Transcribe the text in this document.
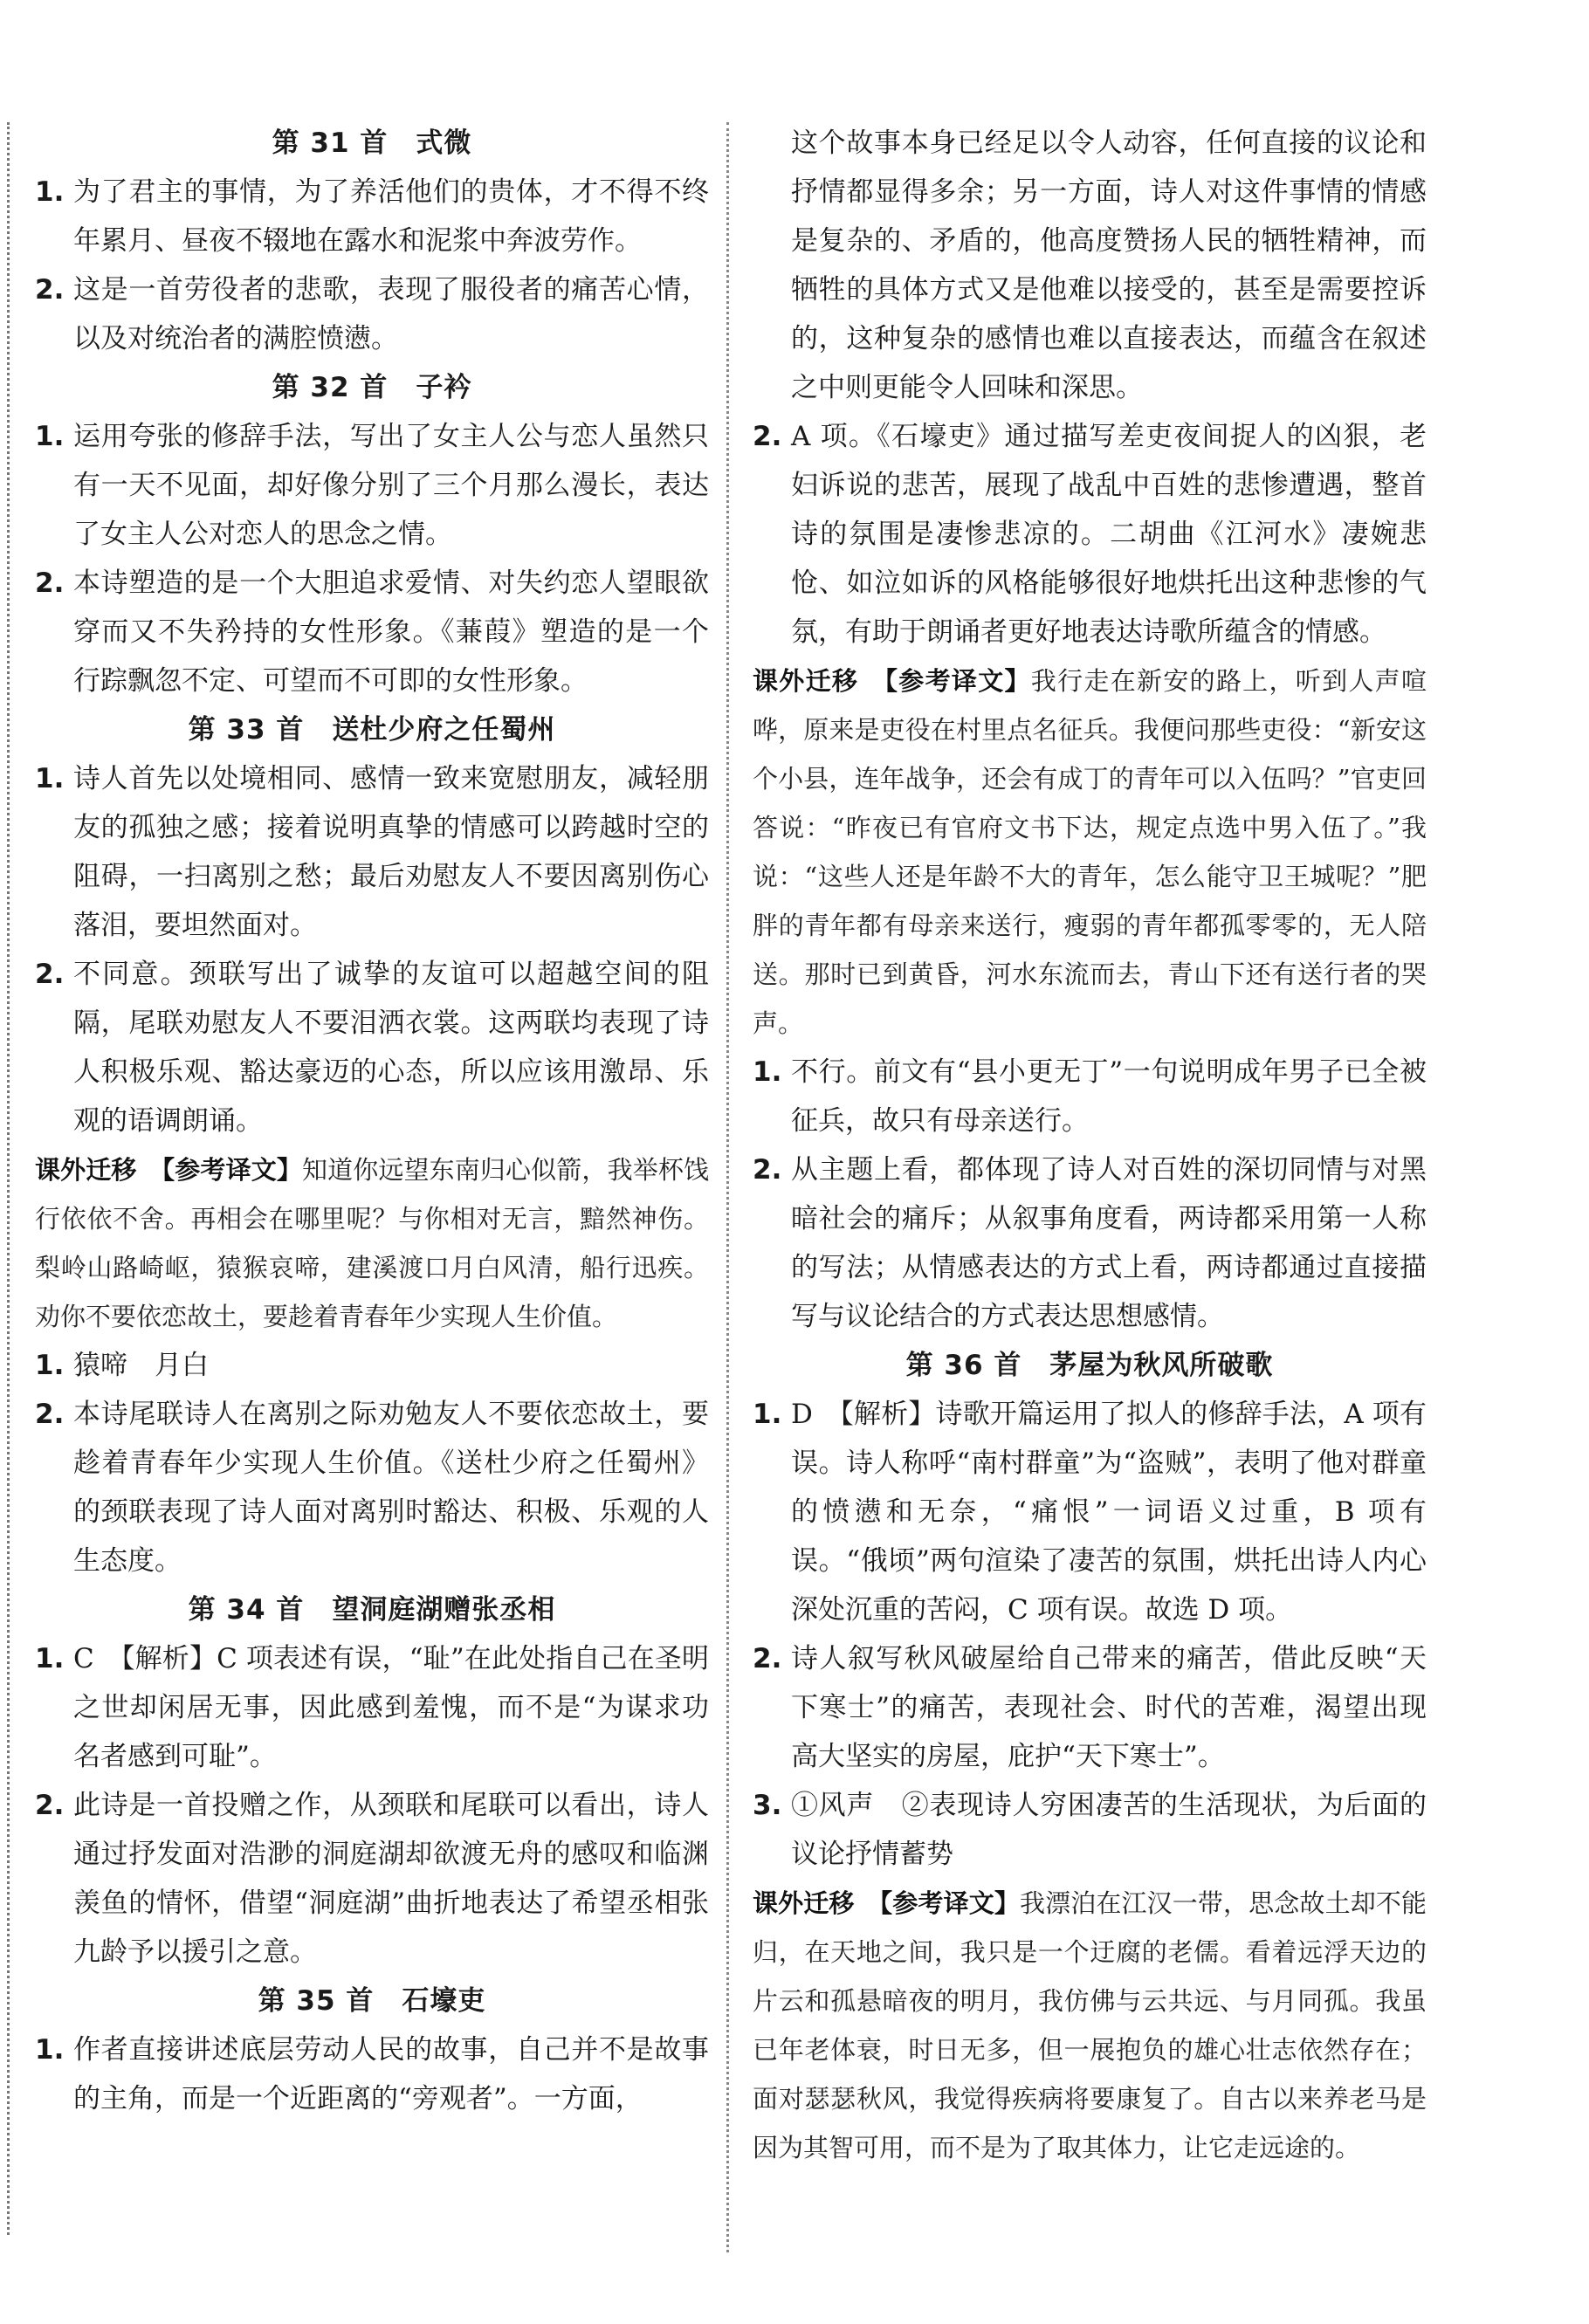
第 31 首　式微
1. 为了君主的事情，为了养活他们的贵体，才不得不终年累月、昼夜不辍地在露水和泥浆中奔波劳作。
2. 这是一首劳役者的悲歌，表现了服役者的痛苦心情，以及对统治者的满腔愤懑。
第 32 首　子衿
1. 运用夸张的修辞手法，写出了女主人公与恋人虽然只有一天不见面，却好像分别了三个月那么漫长，表达了女主人公对恋人的思念之情。
2. 本诗塑造的是一个大胆追求爱情、对失约恋人望眼欲穿而又不失矜持的女性形象。《蒹葭》塑造的是一个行踪飘忽不定、可望而不可即的女性形象。
第 33 首　送杜少府之任蜀州
1. 诗人首先以处境相同、感情一致来宽慰朋友，减轻朋友的孤独之感；接着说明真挚的情感可以跨越时空的阻碍，一扫离别之愁；最后劝慰友人不要因离别伤心落泪，要坦然面对。
2. 不同意。颈联写出了诚挚的友谊可以超越空间的阻隔，尾联劝慰友人不要泪洒衣裳。这两联均表现了诗人积极乐观、豁达豪迈的心态，所以应该用激昂、乐观的语调朗诵。
课外迁移　【参考译文】知道你远望东南归心似箭，我举杯饯行依依不舍。再相会在哪里呢？与你相对无言，黯然神伤。梨岭山路崎岖，猿猴哀啼，建溪渡口月白风清，船行迅疾。劝你不要依恋故土，要趁着青春年少实现人生价值。
1. 猿啼　月白
2. 本诗尾联诗人在离别之际劝勉友人不要依恋故土，要趁着青春年少实现人生价值。《送杜少府之任蜀州》的颈联表现了诗人面对离别时豁达、积极、乐观的人生态度。
第 34 首　望洞庭湖赠张丞相
1. C　【解析】C 项表述有误，“耻”在此处指自己在圣明之世却闲居无事，因此感到羞愧，而不是“为谋求功名者感到可耻”。
2. 此诗是一首投赠之作，从颈联和尾联可以看出，诗人通过抒发面对浩渺的洞庭湖却欲渡无舟的感叹和临渊羡鱼的情怀，借望“洞庭湖”曲折地表达了希望丞相张九龄予以援引之意。
第 35 首　石壕吏
1. 作者直接讲述底层劳动人民的故事，自己并不是故事的主角，而是一个近距离的“旁观者”。一方面，
这个故事本身已经足以令人动容，任何直接的议论和抒情都显得多余；另一方面，诗人对这件事情的情感是复杂的、矛盾的，他高度赞扬人民的牺牲精神，而牺牲的具体方式又是他难以接受的，甚至是需要控诉的，这种复杂的感情也难以直接表达，而蕴含在叙述之中则更能令人回味和深思。
2. A 项。《石壕吏》通过描写差吏夜间捉人的凶狠，老妇诉说的悲苦，展现了战乱中百姓的悲惨遭遇，整首诗的氛围是凄惨悲凉的。二胡曲《江河水》凄婉悲怆、如泣如诉的风格能够很好地烘托出这种悲惨的气氛，有助于朗诵者更好地表达诗歌所蕴含的情感。
课外迁移　【参考译文】我行走在新安的路上，听到人声喧哗，原来是吏役在村里点名征兵。我便问那些吏役：“新安这个小县，连年战争，还会有成丁的青年可以入伍吗？”官吏回答说：“昨夜已有官府文书下达，规定点选中男入伍了。”我说：“这些人还是年龄不大的青年，怎么能守卫王城呢？”肥胖的青年都有母亲来送行，瘦弱的青年都孤零零的，无人陪送。那时已到黄昏，河水东流而去，青山下还有送行者的哭声。
1. 不行。前文有“县小更无丁”一句说明成年男子已全被征兵，故只有母亲送行。
2. 从主题上看，都体现了诗人对百姓的深切同情与对黑暗社会的痛斥；从叙事角度看，两诗都采用第一人称的写法；从情感表达的方式上看，两诗都通过直接描写与议论结合的方式表达思想感情。
第 36 首　茅屋为秋风所破歌
1. D　【解析】诗歌开篇运用了拟人的修辞手法，A 项有误。诗人称呼“南村群童”为“盗贼”，表明了他对群童的愤懑和无奈，“痛恨”一词语义过重，B 项有误。“俄顷”两句渲染了凄苦的氛围，烘托出诗人内心深处沉重的苦闷，C 项有误。故选 D 项。
2. 诗人叙写秋风破屋给自己带来的痛苦，借此反映“天下寒士”的痛苦，表现社会、时代的苦难，渴望出现高大坚实的房屋，庇护“天下寒士”。
3. ①风声　②表现诗人穷困凄苦的生活现状，为后面的议论抒情蓄势
课外迁移　【参考译文】我漂泊在江汉一带，思念故土却不能归，在天地之间，我只是一个迂腐的老儒。看着远浮天边的片云和孤悬暗夜的明月，我仿佛与云共远、与月同孤。我虽已年老体衰，时日无多，但一展抱负的雄心壮志依然存在；面对瑟瑟秋风，我觉得疾病将要康复了。自古以来养老马是因为其智可用，而不是为了取其体力，让它走远途的。
